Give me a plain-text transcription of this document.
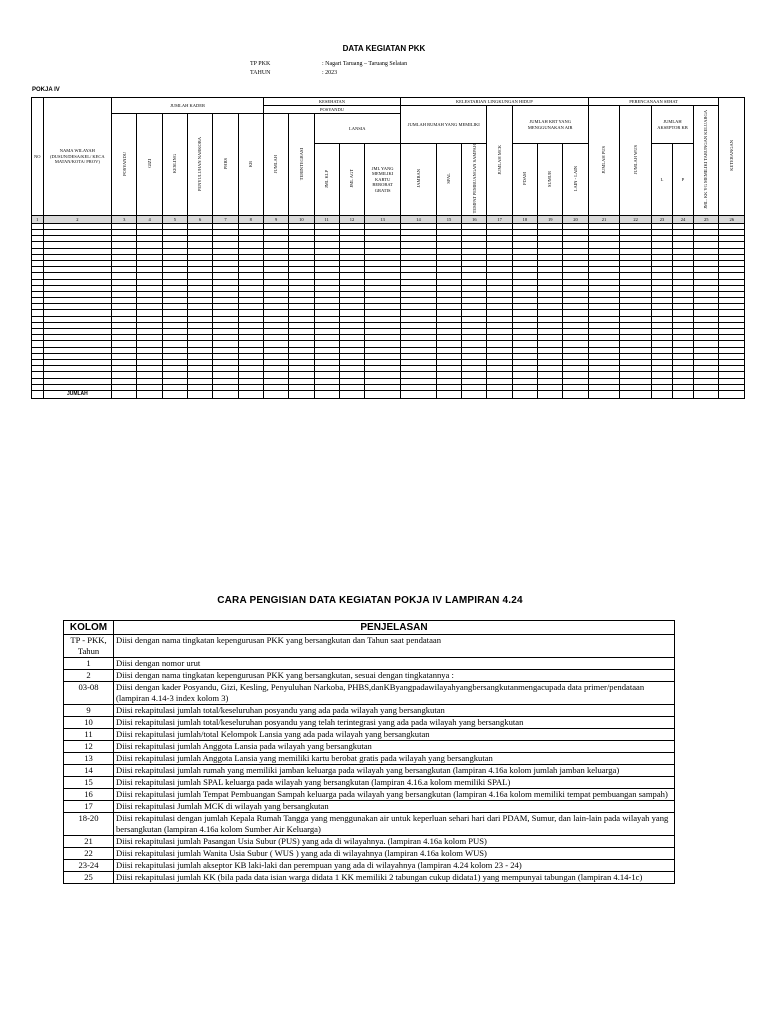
DATA KEGIATAN PKK
TP PKK	: Nagari Taruang – Taruang Selatan
TAHUN	: 2023
POKJA IV
NO	NAMA WILAYAH (DUSUN/DESA/KEL/ KECA MATAN/KOTA/ PROV)	JUMLAH KADER						KESEHATAN					KELESTARIAN LINGKUNGAN HIDUP							PERENCANAAN SEHAT					KETERANGAN
								POSYANDU					JUMLAH RUMAH YANG MEMILIKI			JUMLAH MCK	JUMLAH KRT YANG MENGGUNAKAN AIR			JUMLAH PUS	JUMLAH WUS	JUMLAH AKSEPTOR KB		JML. KK YG MEMILIKI TABUNGAN KELUARGA	
		POSYANDU	GIZI	KESLING	PENYULUHAN NARKOBA	PHBS	KB	JUMLAH	TERINTEGRASI	LANSIA															
										JML KLP	JML AGT	JML YANG MEMILIKI KARTU BEROBAT GRATIS	JAMBAN	SPAL	TEMPAT PEMBUANGAN SAMPAH		PDAM	SUMUR	LAIN - LAIN			L	P		
1	2	3	4	5	6	7	8	9	10	11	12	13	14	15	16	17	18	19	20	21	22	23	24	25	26

	JUMLAH																								
CARA PENGISIAN DATA KEGIATAN POKJA IV LAMPIRAN 4.24
KOLOM	PENJELASAN
TP - PKK, Tahun	Diisi dengan nama tingkatan kepengurusan PKK yang bersangkutan dan Tahun saat pendataan
1	Diisi dengan nomor urut
2	Diisi dengan nama tingkatan kepengurusan PKK yang bersangkutan, sesuai dengan tingkatannya :
03-08	Diisi dengan kader Posyandu, Gizi, Kesling, Penyuluhan Narkoba, PHBS,danKByangpadawilayahyangbersangkutanmengacupada data primer/pendataan (lampiran 4.14-3 index kolom 3)
9	Diisi rekapitulasi jumlah total/keseluruhan posyandu yang ada pada wilayah yang bersangkutan
10	Diisi rekapitulasi jumlah total/keseluruhan posyandu yang telah terintegrasi yang ada pada wilayah yang bersangkutan
11	Diisi rekapitulasi jumlah/total Kelompok Lansia yang ada pada wilayah yang bersangkutan
12	Diisi rekapitulasi jumlah Anggota Lansia pada wilayah yang bersangkutan
13	Diisi rekapitulasi jumlah Anggota Lansia yang memiliki kartu berobat gratis pada wilayah yang bersangkutan
14	Diisi rekapitulasi jumlah rumah yang memiliki jamban keluarga pada wilayah yang bersangkutan (lampiran 4.16a kolom jumlah jamban keluarga)
15	Diisi rekapitulasi jumlah SPAL keluarga pada wilayah yang bersangkutan (lampiran 4.16.a kolom memiliki SPAL)
16	Diisi rekapitulasi jumlah Tempat Pembuangan Sampah keluarga pada wilayah yang bersangkutan (lampiran 4.16a kolom memiliki tempat pembuangan sampah)
17	Diisi rekapitulasi Jumlah MCK di wilayah yang bersangkutan
18-20	Diisi rekapitulasi dengan jumlah Kepala Rumah Tangga yang menggunakan air untuk keperluan sehari hari dari PDAM, Sumur, dan lain-lain pada wilayah yang bersangkutan (lampiran 4.16a kolom Sumber Air Keluarga)
21	Diisi rekapitulasi jumlah Pasangan Usia Subur (PUS) yang ada di wilayahnya. (lampiran 4.16a kolom PUS)
22	Diisi rekapitulasi jumlah Wanita Usia Subur ( WUS ) yang ada di wilayahnya (lampiran 4.16a kolom WUS)
23-24	Diisi rekapitulasi jumlah akseptor KB laki-laki dan perempuan yang ada di wilayahnya (lampiran 4.24 kolom 23 - 24)
25	Diisi rekapitulasi jumlah KK (bila pada data isian warga didata 1 KK memiliki 2 tabungan cukup didata1) yang mempunyai tabungan (lampiran 4.14-1c)
